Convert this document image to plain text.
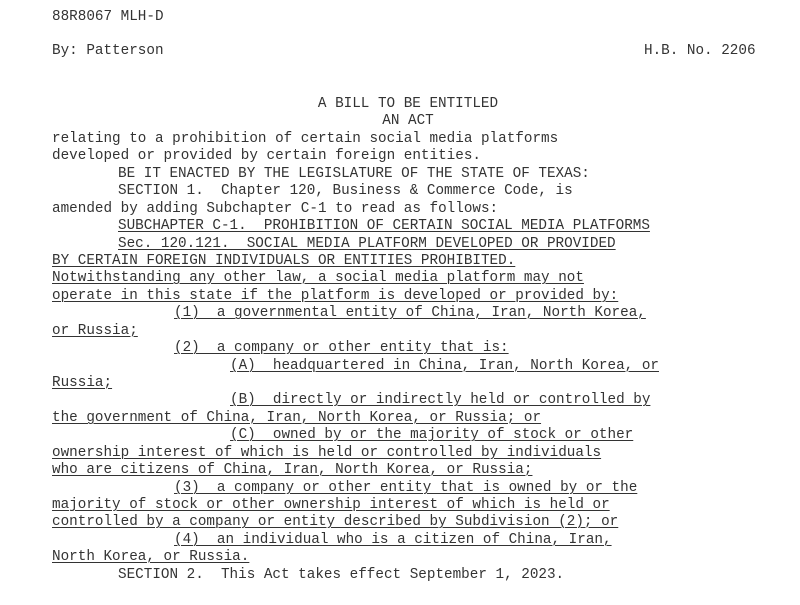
88R8067 MLH-D
By: Patterson	H.B. No. 2206
A BILL TO BE ENTITLED
AN ACT
relating to a prohibition of certain social media platforms
developed or provided by certain foreign entities.
BE IT ENACTED BY THE LEGISLATURE OF THE STATE OF TEXAS:
SECTION 1.  Chapter 120, Business & Commerce Code, is
amended by adding Subchapter C-1 to read as follows:
SUBCHAPTER C-1.  PROHIBITION OF CERTAIN SOCIAL MEDIA PLATFORMS
Sec. 120.121.  SOCIAL MEDIA PLATFORM DEVELOPED OR PROVIDED
BY CERTAIN FOREIGN INDIVIDUALS OR ENTITIES PROHIBITED.
Notwithstanding any other law, a social media platform may not
operate in this state if the platform is developed or provided by:
(1)  a governmental entity of China, Iran, North Korea,
or Russia;
(2)  a company or other entity that is:
(A)  headquartered in China, Iran, North Korea, or
Russia;
(B)  directly or indirectly held or controlled by
the government of China, Iran, North Korea, or Russia; or
(C)  owned by or the majority of stock or other
ownership interest of which is held or controlled by individuals
who are citizens of China, Iran, North Korea, or Russia;
(3)  a company or other entity that is owned by or the
majority of stock or other ownership interest of which is held or
controlled by a company or entity described by Subdivision (2); or
(4)  an individual who is a citizen of China, Iran,
North Korea, or Russia.
SECTION 2.  This Act takes effect September 1, 2023.
